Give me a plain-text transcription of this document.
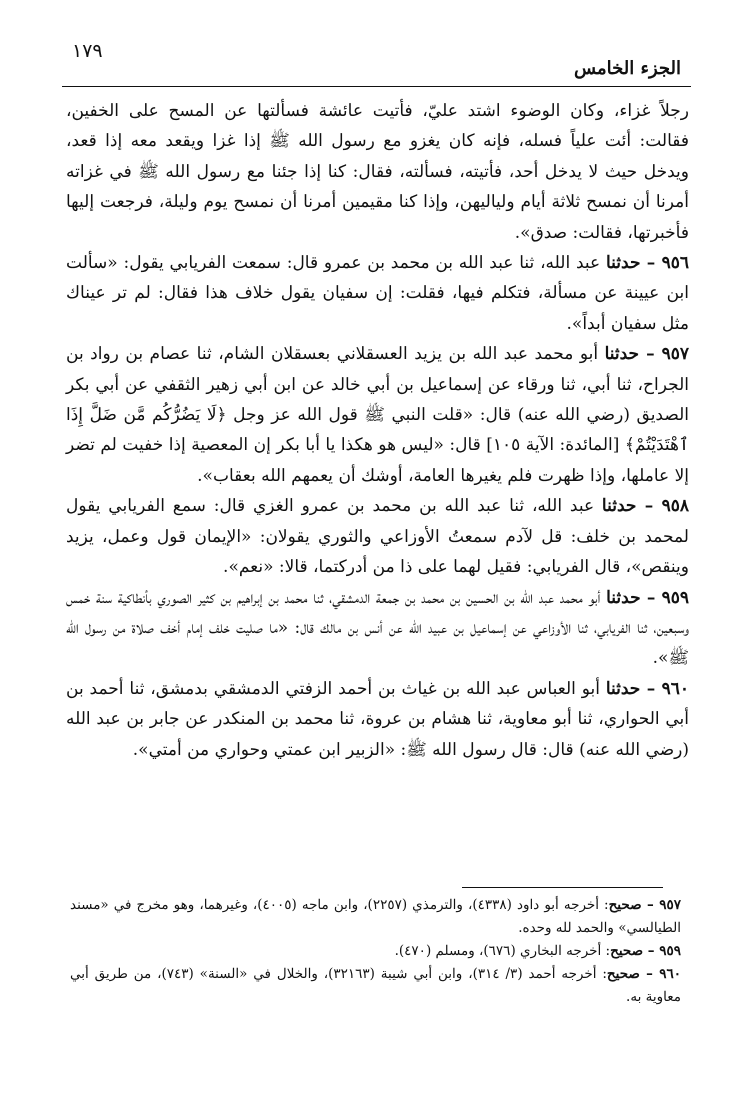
١٧٩
الجزء الخامس

رجلاً غزاء، وكان الوضوء اشتد عليّ، فأتيت عائشة فسألتها عن المسح على الخفين، فقالت: أئت علياً فسله، فإنه كان يغزو مع رسول الله ﷺ إذا غزا ويقعد معه إذا قعد، ويدخل حيث لا يدخل أحد، فأتيته، فسألته، فقال: كنا إذا جئنا مع رسول الله ﷺ في غزاته أمرنا أن نمسح ثلاثة أيام ولياليهن، وإذا كنا مقيمين أمرنا أن نمسح يوم وليلة، فرجعت إليها فأخبرتها، فقالت: صدق».

٩٥٦ – حدثنا عبد الله، ثنا عبد الله بن محمد بن عمرو قال: سمعت الفريابي يقول: «سألت ابن عيينة عن مسألة، فتكلم فيها، فقلت: إن سفيان يقول خلاف هذا فقال: لم تر عيناك مثل سفيان أبداً».

٩٥٧ – حدثنا أبو محمد عبد الله بن يزيد العسقلاني بعسقلان الشام، ثنا عصام بن رواد بن الجراح، ثنا أبي، ثنا ورقاء عن إسماعيل بن أبي خالد عن ابن أبي زهير الثقفي عن أبي بكر الصديق (رضي الله عنه) قال: «قلت النبي ﷺ قول الله عز وجل ﴿لَا يَضُرُّكُم مَّن ضَلَّ إِذَا ٱهْتَدَيْتُمْ﴾ [المائدة: الآية ١٠٥] قال: «ليس هو هكذا يا أبا بكر إن المعصية إذا خفيت لم تضر إلا عاملها، وإذا ظهرت فلم يغيرها العامة، أوشك أن يعمهم الله بعقاب».

٩٥٨ – حدثنا عبد الله، ثنا عبد الله بن محمد بن عمرو الغزي قال: سمع الفريابي يقول لمحمد بن خلف: قل لآدم سمعتُ الأوزاعي والثوري يقولان: «الإيمان قول وعمل، يزيد وينقص»، قال الفريابي: فقيل لهما على ذا من أدركتما، قالا: «نعم».

٩٥٩ – حدثنا أبو محمد عبد الله بن الحسين بن محمد بن جمعة الدمشقي، ثنا محمد بن إبراهيم بن كثير الصوري بأنطاكية سنة خمس وسبعين، ثنا الفريابي، ثنا الأوزاعي عن إسماعيل بن عبيد الله عن أنس بن مالك قال: «ما صليت خلف إمام أخف صلاة من رسول الله ﷺ».

٩٦٠ – حدثنا أبو العباس عبد الله بن غياث بن أحمد الزفتي الدمشقي بدمشق، ثنا أحمد بن أبي الحواري، ثنا أبو معاوية، ثنا هشام بن عروة، ثنا محمد بن المنكدر عن جابر بن عبد الله (رضي الله عنه) قال: قال رسول الله ﷺ: «الزبير ابن عمتي وحواري من أمتي».

٩٥٧ – صحيح: أخرجه أبو داود (٤٣٣٨)، والترمذي (٢٢٥٧)، وابن ماجه (٤٠٠٥)، وغيرهما، وهو مخرج في «مسند الطيالسي» والحمد لله وحده.

٩٥٩ – صحيح: أخرجه البخاري (٦٧٦)، ومسلم (٤٧٠).

٩٦٠ – صحيح: أخرجه أحمد (٣/ ٣١٤)، وابن أبي شيبة (٣٢١٦٣)، والخلال في «السنة» (٧٤٣)، من طريق أبي معاوية به.
